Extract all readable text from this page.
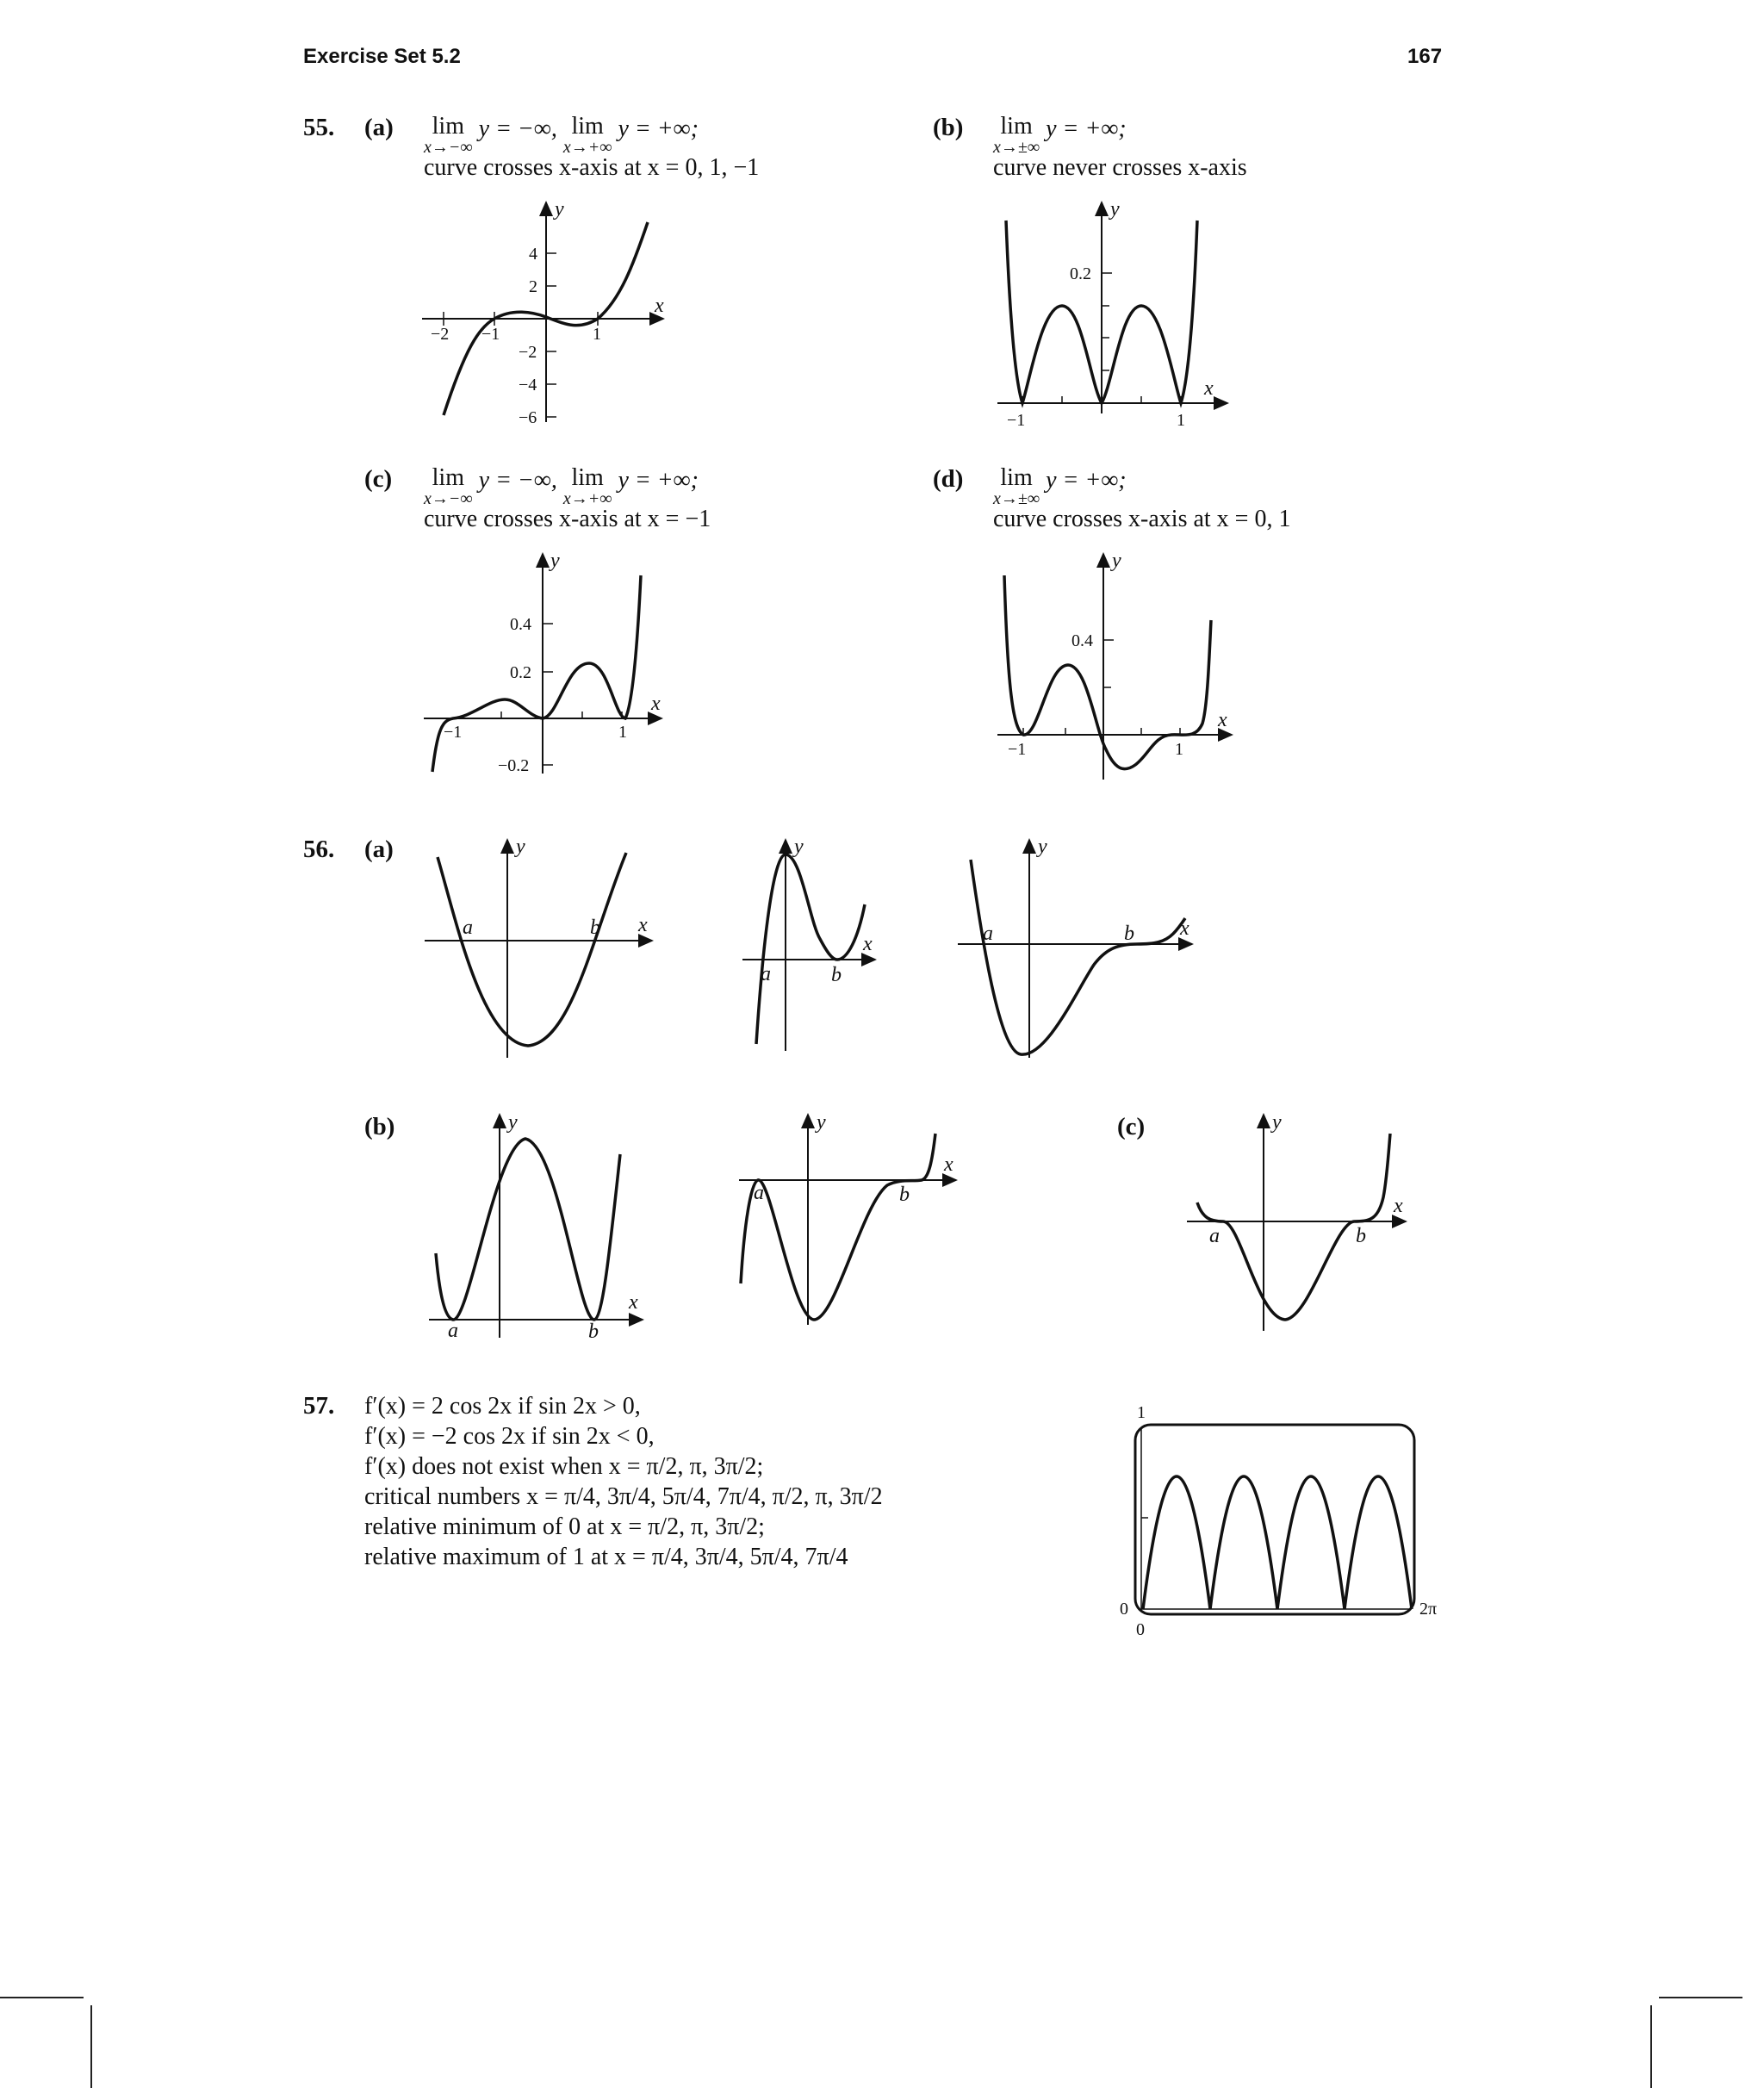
Exercise Set 5.2	167
55. (a)	lim
x→−∞
y = −∞, lim
x→+∞
y = +∞;
curve crosses x-axis at x = 0, 1, −1
(b) lim
x→±∞
y = +∞;
curve never crosses x-axis
−2 −1	1
4
2
−2
−4
−6
x
y
−1	1
0.2
x
y
(c)	lim
x→−∞
y = −∞, lim
x→+∞
y = +∞;
curve crosses x-axis at x = −1
(d) lim
x→±∞
y = +∞;
curve crosses x-axis at x = 0, 1
−1	1
0.4
0.2
−0.2
x
y
−1	1
0.4
x
y
56. (a)
a	b x
y
a	b
x
y
a	b x
y
(b)
a	b
x
y
a	b
x
y	(c)
a	b
x
y
57. f′(x) = 2 cos 2x if sin 2x > 0,
f′(x) = −2 cos 2x if sin 2x < 0,
f′(x) does not exist when x = π/2, π, 3π/2;
critical numbers x = π/4, 3π/4, 5π/4, 7π/4, π/2, π, 3π/2
relative minimum of 0 at x = π/2, π, 3π/2;
relative maximum of 1 at x = π/4, 3π/4, 5π/4, 7π/4
1
0
0
2π
